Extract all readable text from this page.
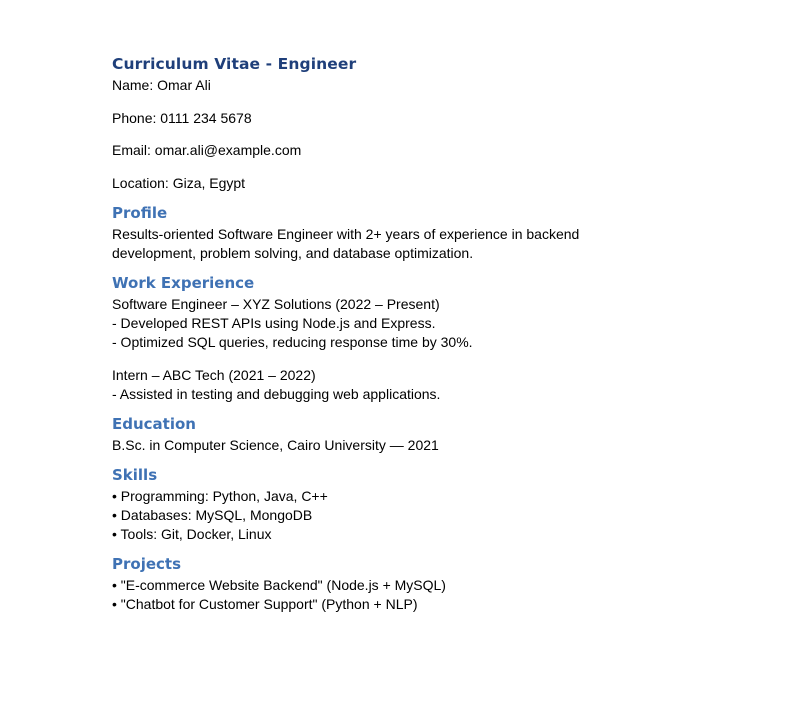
Curriculum Vitae - Engineer

Name: Omar Ali

Phone: 0111 234 5678

Email: omar.ali@example.com

Location: Giza, Egypt

Profile

Results-oriented Software Engineer with 2+ years of experience in backend

development, problem solving, and database optimization.

Work Experience

Software Engineer – XYZ Solutions (2022 – Present)

- Developed REST APIs using Node.js and Express.

- Optimized SQL queries, reducing response time by 30%.

Intern – ABC Tech (2021 – 2022)

- Assisted in testing and debugging web applications.

Education

B.Sc. in Computer Science, Cairo University — 2021

Skills

• Programming: Python, Java, C++

• Databases: MySQL, MongoDB

• Tools: Git, Docker, Linux

Projects

• "E-commerce Website Backend" (Node.js + MySQL)

• "Chatbot for Customer Support" (Python + NLP)
